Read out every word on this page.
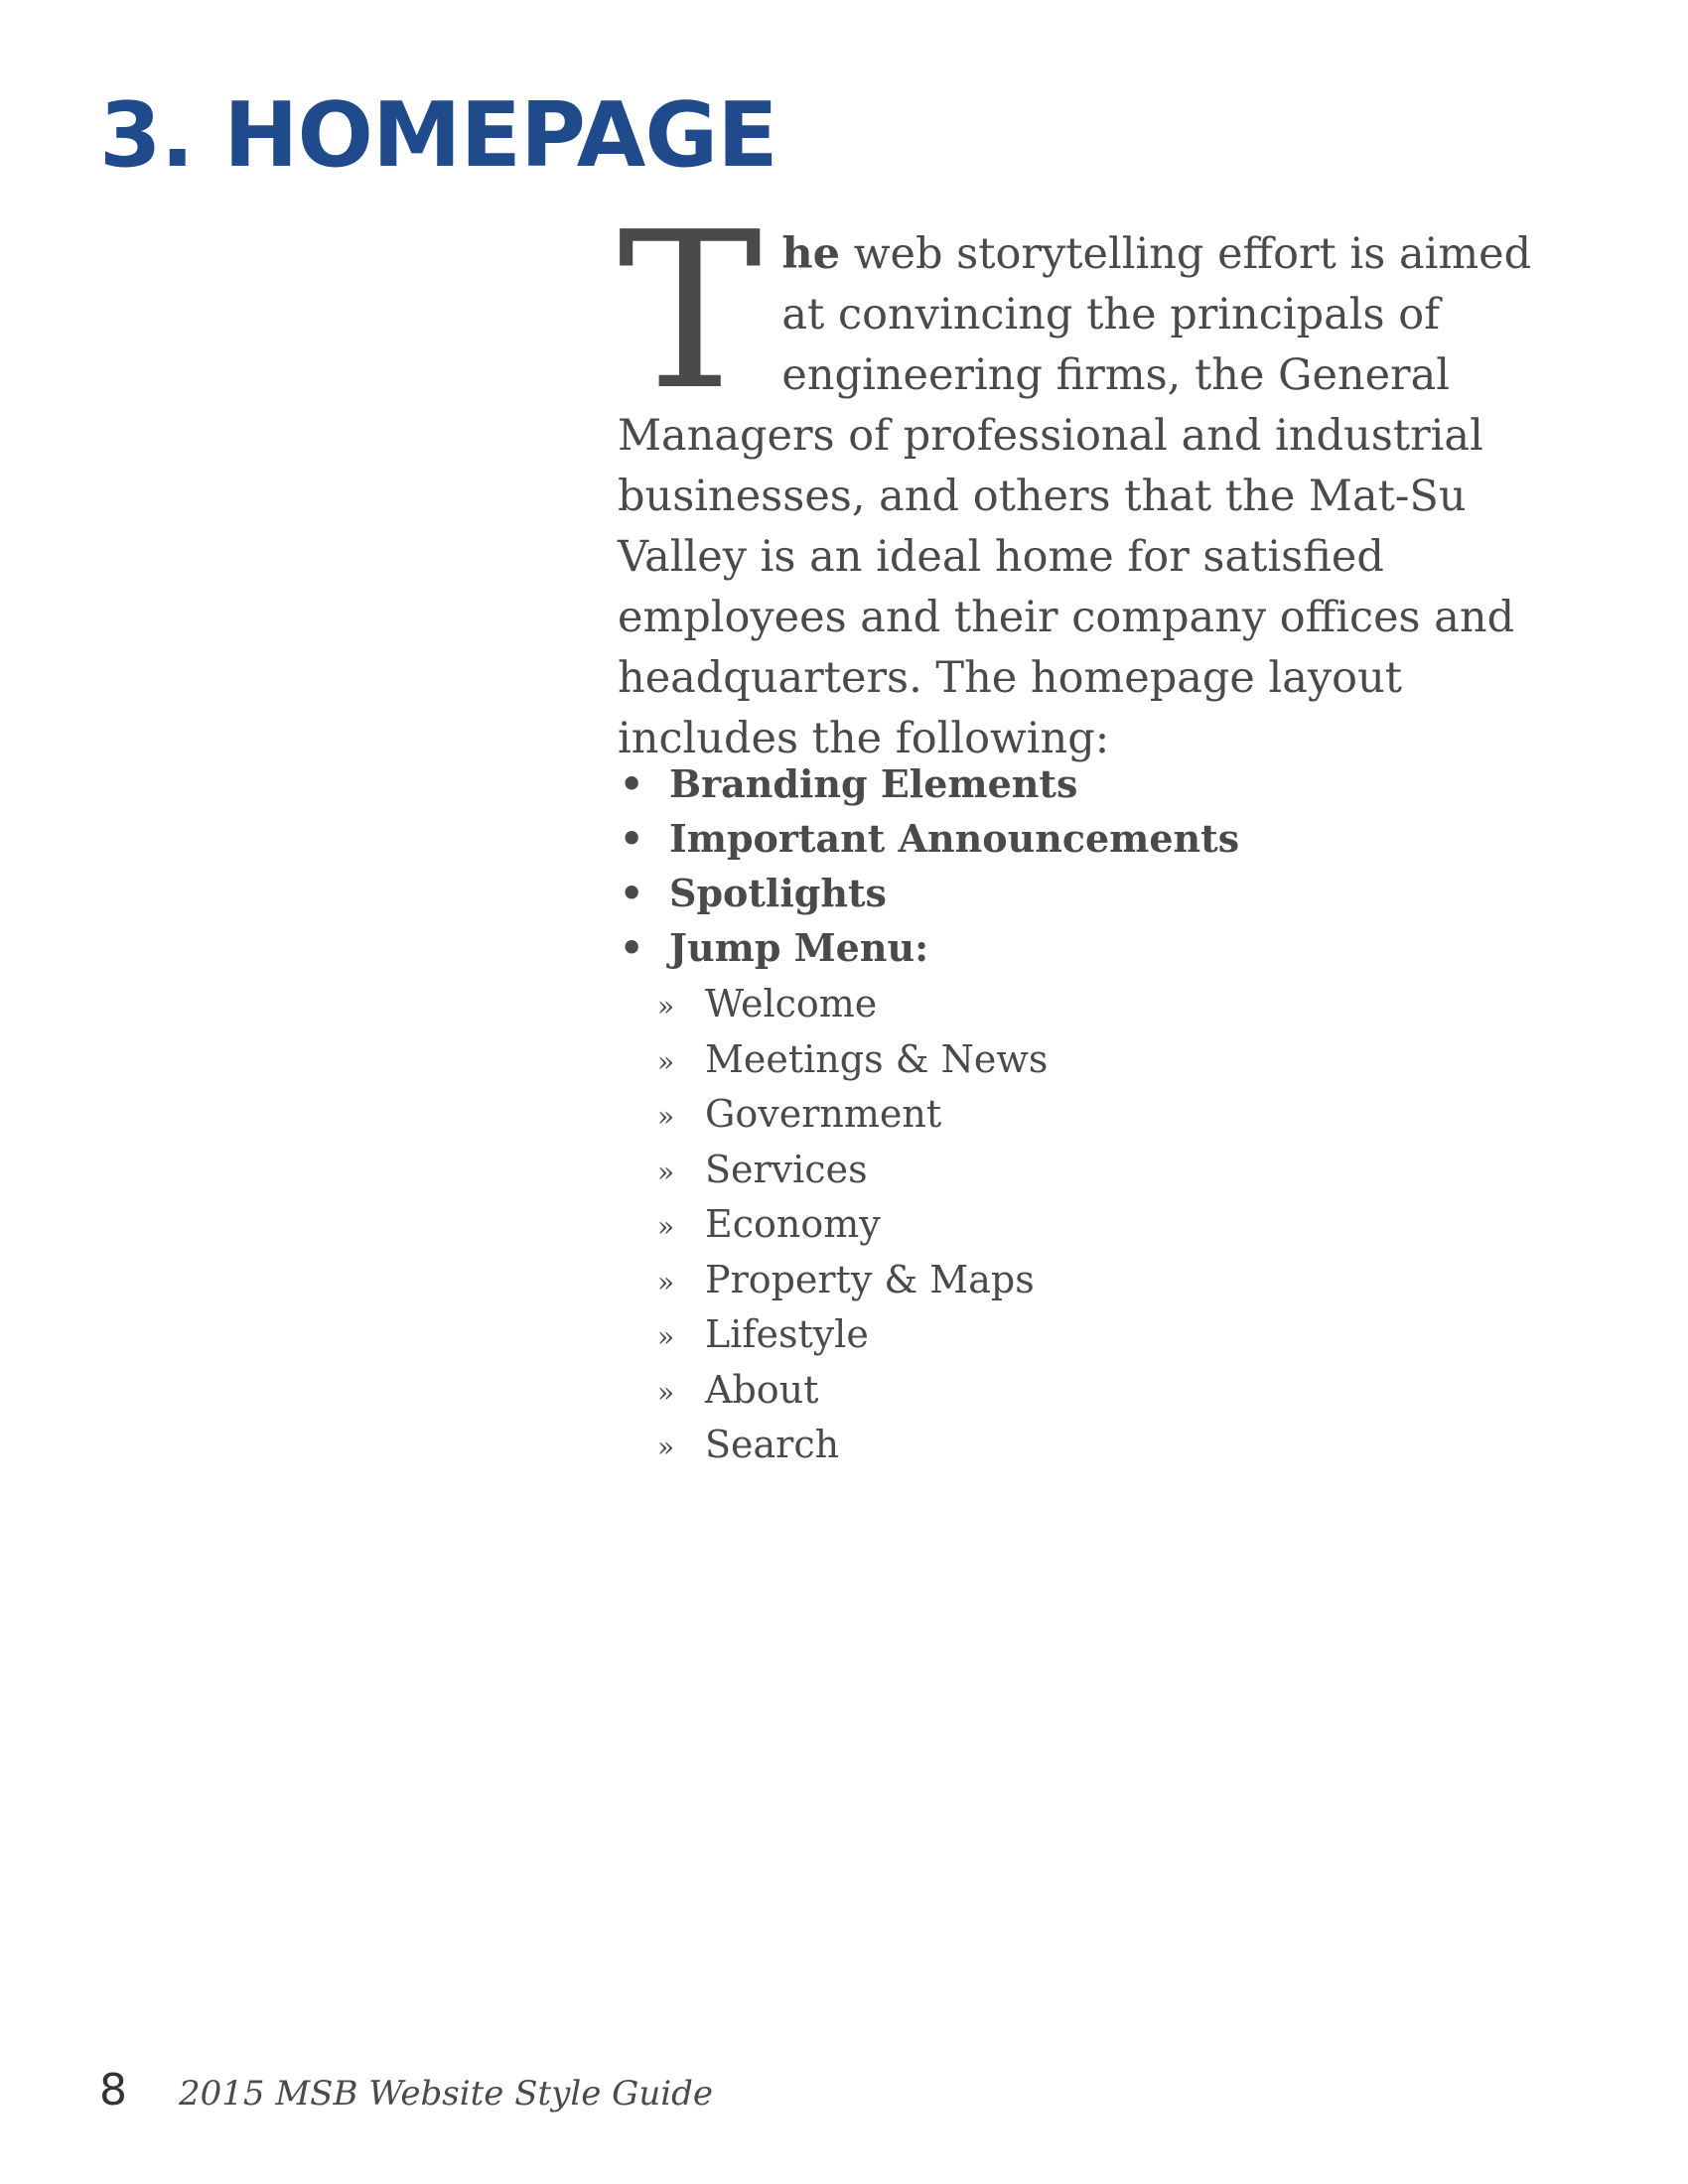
3. HOMEPAGE

The web storytelling effort is aimed at convincing the principals of engineering firms, the General Managers of professional and industrial businesses, and others that the Mat-Su Valley is an ideal home for satisfied employees and their company offices and headquarters. The homepage layout includes the following:

• Branding Elements
• Important Announcements
• Spotlights
• Jump Menu:
» Welcome
» Meetings & News
» Government
» Services
» Economy
» Property & Maps
» Lifestyle
» About
» Search
8 2015 MSB Website Style Guide
